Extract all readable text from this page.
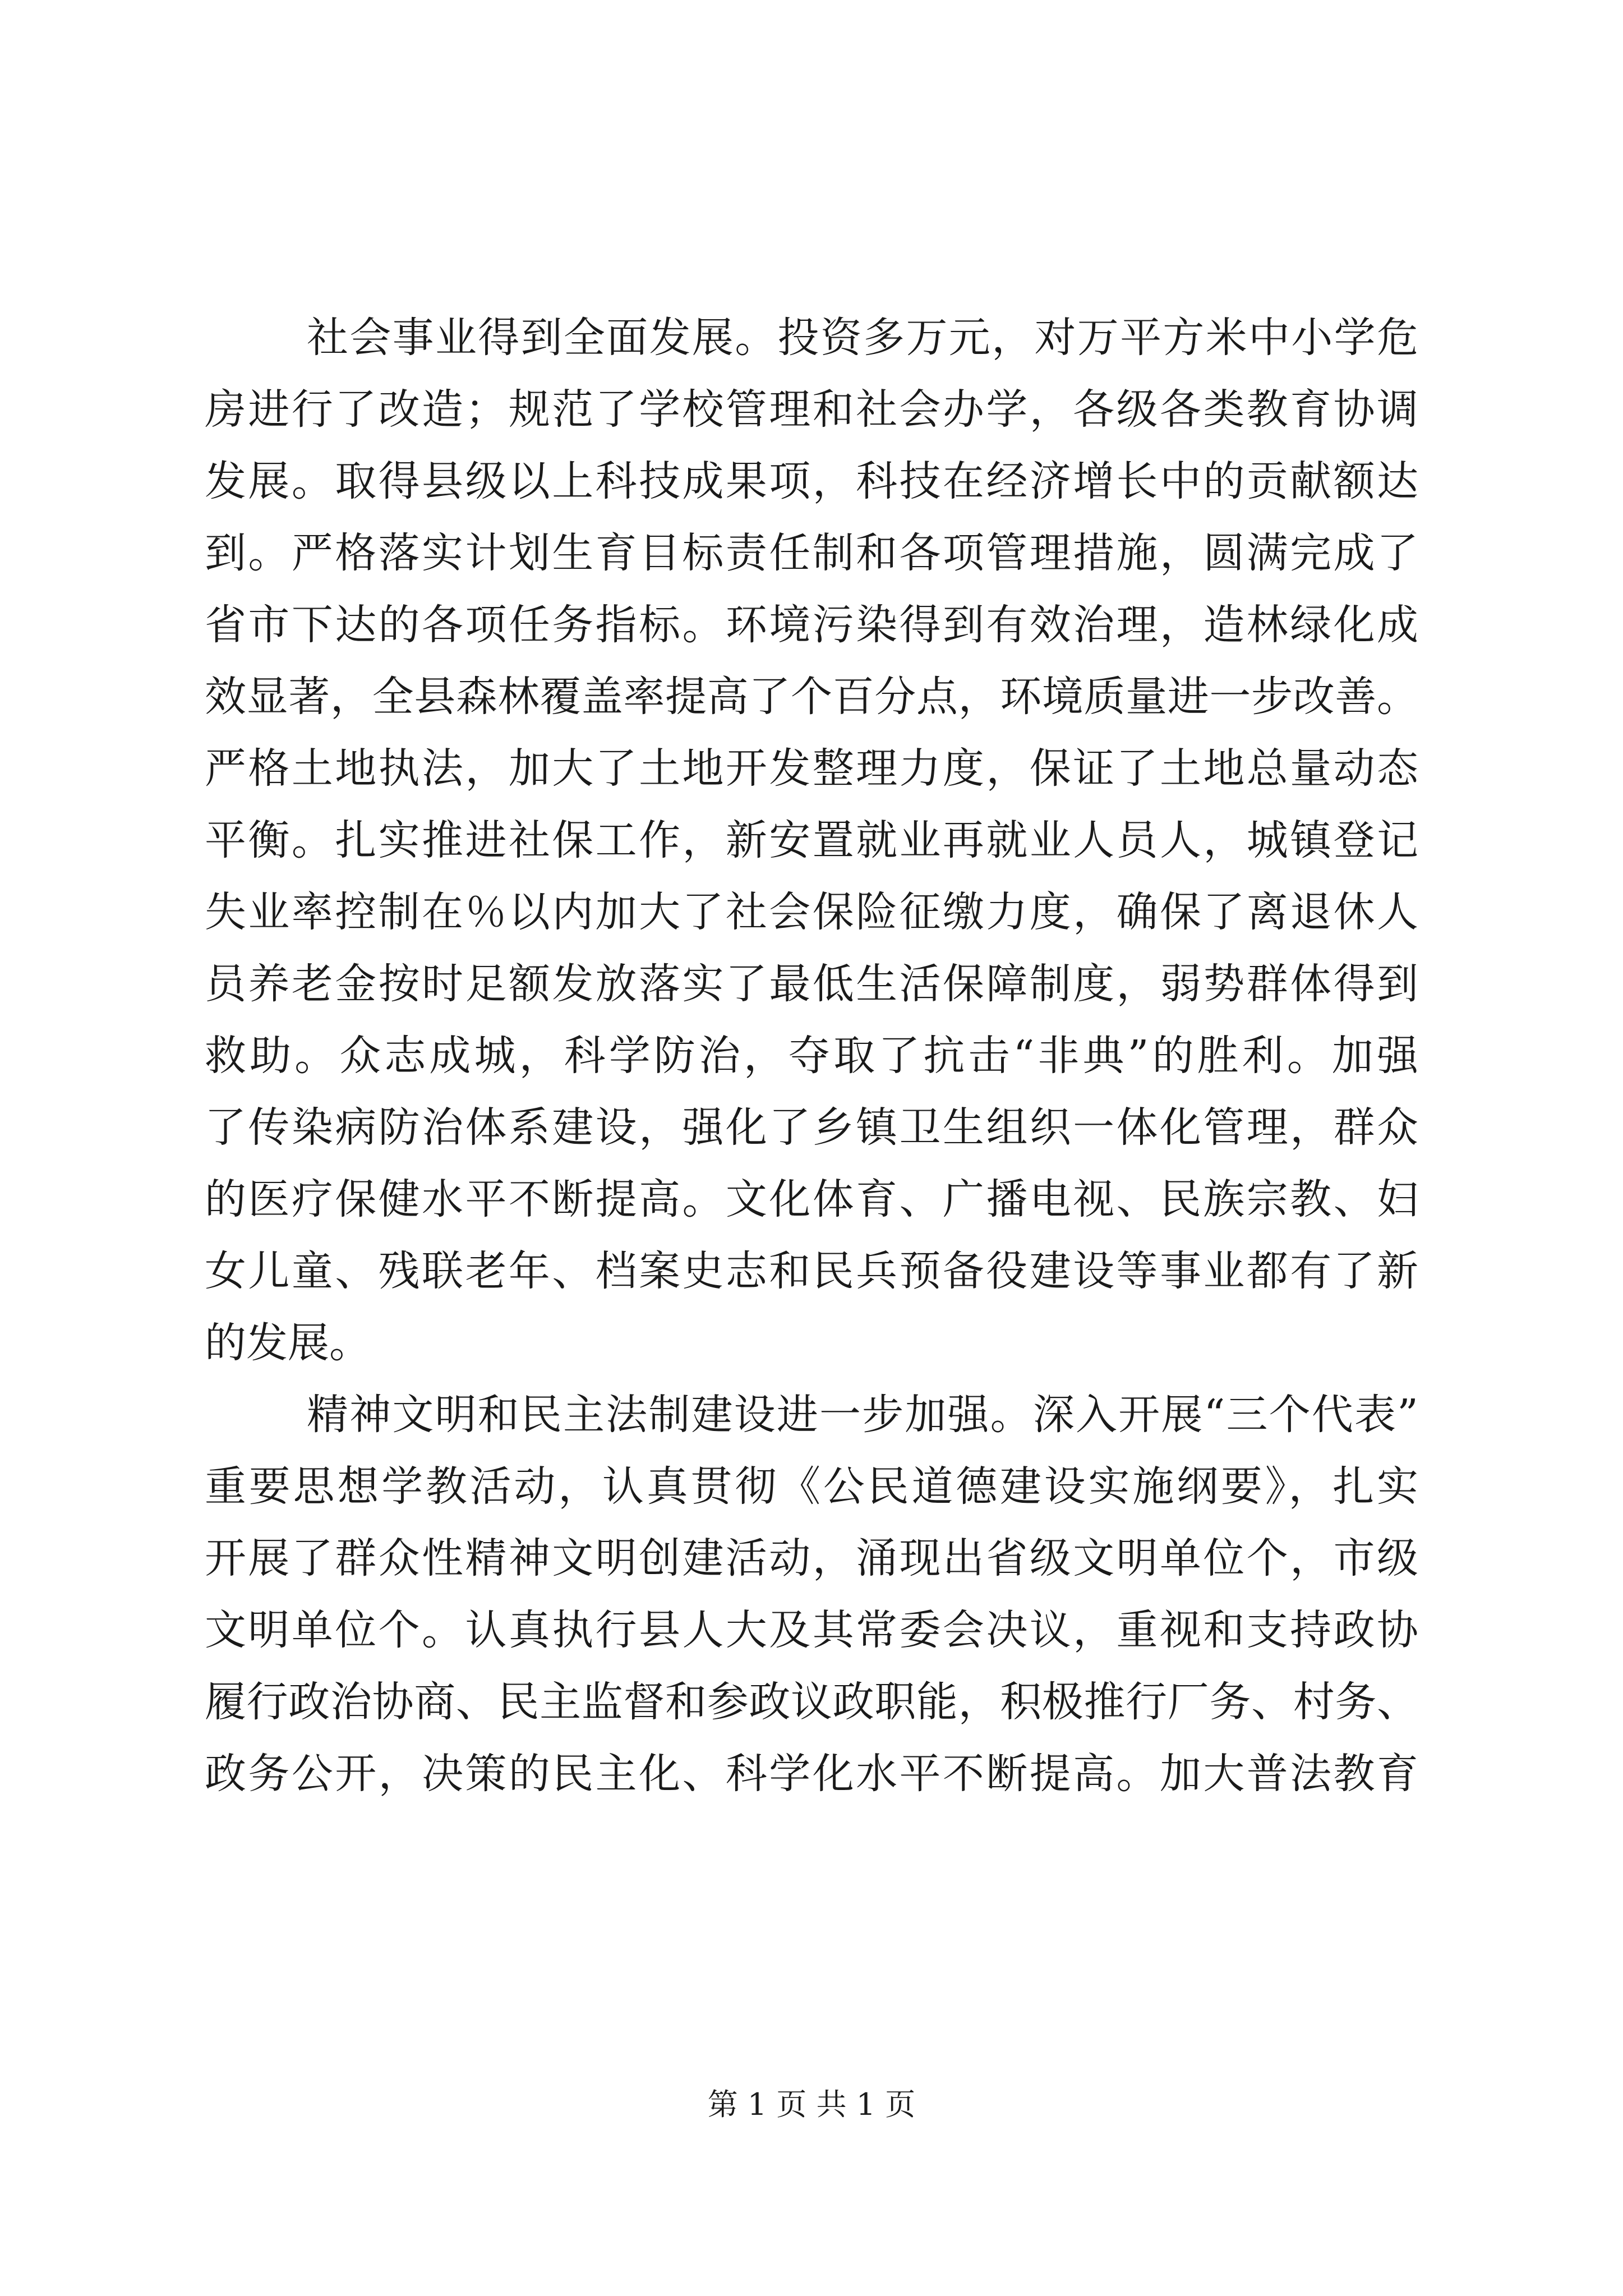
社会事业得到全面发展。投资多万元，对万平方米中小学危

房进行了改造；规范了学校管理和社会办学，各级各类教育协调

发展。取得县级以上科技成果项，科技在经济增长中的贡献额达

到。严格落实计划生育目标责任制和各项管理措施，圆满完成了

省市下达的各项任务指标。环境污染得到有效治理，造林绿化成

效显著，全县森林覆盖率提高了个百分点，环境质量进一步改善。

严格土地执法，加大了土地开发整理力度，保证了土地总量动态

平衡。扎实推进社保工作，新安置就业再就业人员人，城镇登记

失业率控制在％以内加大了社会保险征缴力度，确保了离退休人

员养老金按时足额发放落实了最低生活保障制度，弱势群体得到

救助。众志成城，科学防治，夺取了抗击“非典”的胜利。加强

了传染病防治体系建设，强化了乡镇卫生组织一体化管理，群众

的医疗保健水平不断提高。文化体育、广播电视、民族宗教、妇

女儿童、残联老年、档案史志和民兵预备役建设等事业都有了新

的发展。

精神文明和民主法制建设进一步加强。深入开展“三个代表”

重要思想学教活动，认真贯彻《公民道德建设实施纲要》，扎实

开展了群众性精神文明创建活动，涌现出省级文明单位个，市级

文明单位个。认真执行县人大及其常委会决议，重视和支持政协

履行政治协商、民主监督和参政议政职能，积极推行厂务、村务、

政务公开，决策的民主化、科学化水平不断提高。加大普法教育

第 1 页 共 1 页
